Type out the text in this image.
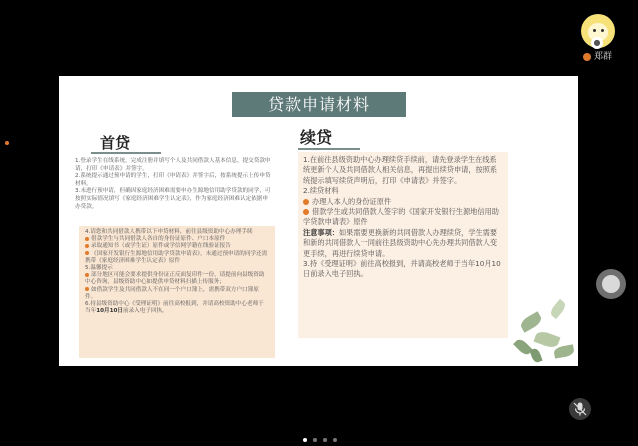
●
郑群
贷款申请材料
首贷
1.登录学生在线系统，完成注册并填写个人及共同借款人基本信息，提交贷款申请，打印《申请表》并签字。
2.系统提示通过预申请的学生，打印《申请表》并签字后，按系统提示上传申贷材料。
3.未进行预申请，但确因家庭经济困难需要申办生源地信用助学贷款的同学，可按照实际情况填写《家庭经济困难学生认定表》，作为家庭经济困难认定依据申办贷款。
4.请您和共同借款人携带以下申贷材料，前往县级资助中心办理手续
借款学生与共同借款人各自的身份证原件、户口本原件
录取通知书（或学生证）原件或学信网学籍在线验证报告
《国家开发银行生源地信用助学贷款申请表》，未通过预申请的同学还需携带《家庭经济困难学生认定表》原件
5.温馨提示
部分地区可能会要求提供身份证正反面复印件一份，请提前向县级资助中心咨询，县级资助中心如提供申贷材料扫描上传服务；
如借款学生及共同借款人不在同一个户口簿上，需携带双方户口簿原件。
6.持县级资助中心《受理证明》前往高校报到，并请高校资助中心老师于当年10月10日前录入电子回执。
续贷
1.在前往县级资助中心办理续贷手续前，请先登录学生在线系统更新个人及共同借款人相关信息，再提出续贷申请，按照系统提示填写续贷声明后，打印《申请表》并签字。
2.续贷材料
办理人本人的身份证原件
借款学生或共同借款人签字的《国家开发银行生源地信用助学贷款申请表》原件
注意事项：如果需要更换新的共同借款人办理续贷，学生需要和新的共同借款人一同前往县级资助中心先办理共同借款人变更手续，再进行续贷申请。
3.持《受理证明》前往高校报到，并请高校老师于当年10月10日前录入电子回执。
